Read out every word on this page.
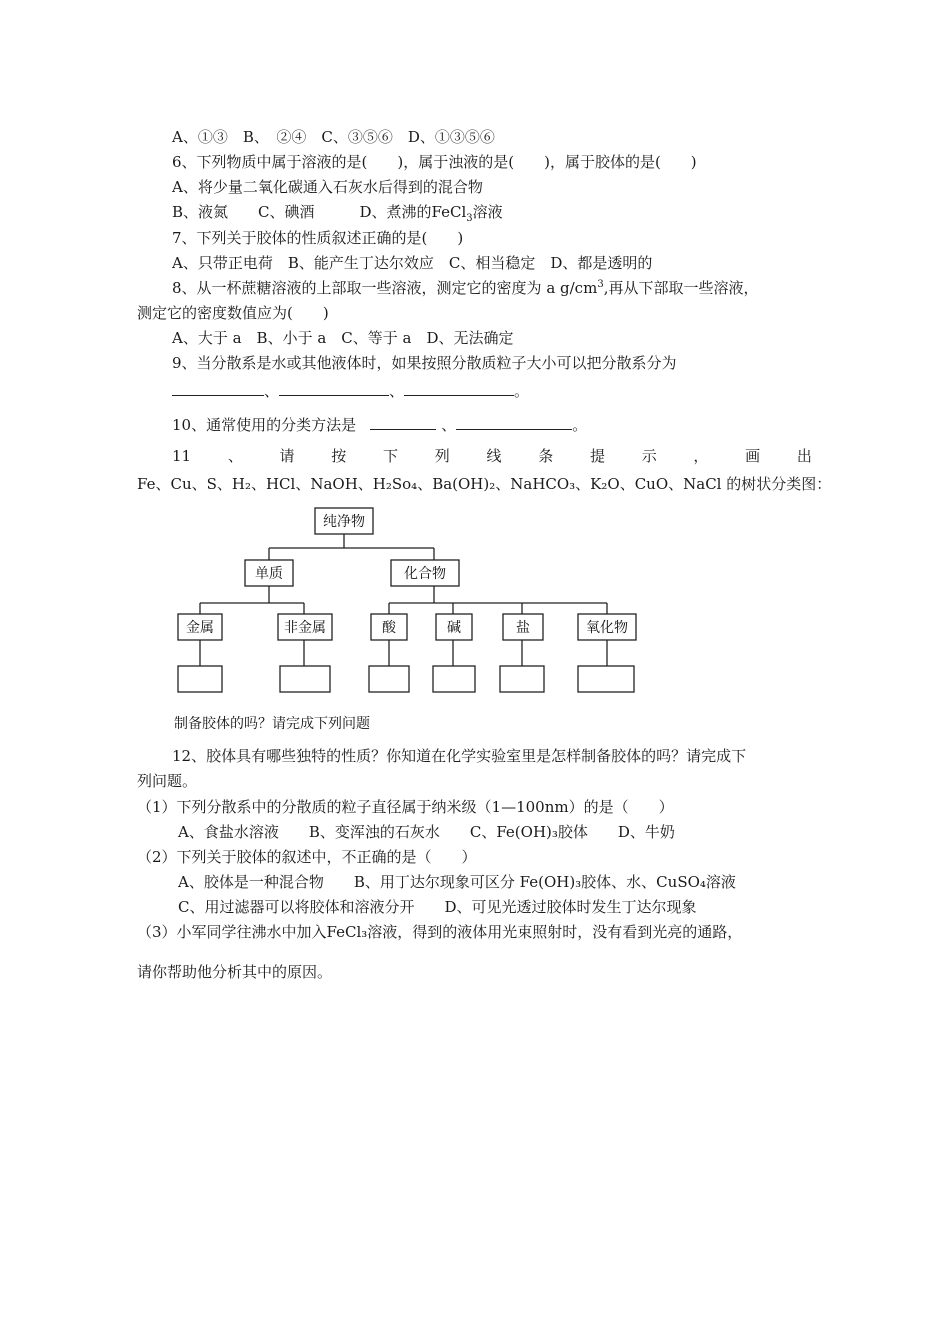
A、①③　B、　②④　C、③⑤⑥　D、①③⑤⑥
6、下列物质中属于溶液的是(　　)，属于浊液的是(　　)，属于胶体的是(　　)
A、将少量二氧化碳通入石灰水后得到的混合物
B、液氮　　C、碘酒　　　D、煮沸的FeCl$_3$溶液
7、下列关于胶体的性质叙述正确的是(　　)
A、只带正电荷　B、能产生丁达尔效应　C、相当稳定　D、都是透明的
8、从一杯蔗糖溶液的上部取一些溶液，测定它的密度为 a $g/cm^3$,再从下部取一些溶液，
测定它的密度数值应为(　　)
A、大于 a　B、小于 a　C、等于 a　D、无法确定
9、当分散系是水或其他液体时，如果按照分散质粒子大小可以把分散系分为
、	、	。
10、通常使用的分类方法是	、	。
11 、 请 按 下 列 线 条 提 示 ， 画 出
Fe、Cu、S、H₂、HCl、NaOH、H₂So₄、Ba(OH)₂、NaHCO₃、K₂O、CuO、NaCl 的树状分类图：
纯净物
单质	化合物
金属	非金属	酸	碱	盐	氧化物
制备胶体的吗？请完成下列问题
12、胶体具有哪些独特的性质？你知道在化学实验室里是怎样制备胶体的吗？请完成下
列问题。
（1）下列分散系中的分散质的粒子直径属于纳米级（1—100nm）的是（　　）
A、食盐水溶液　　B、变浑浊的石灰水　　C、Fe(OH)₃胶体　　D、牛奶
（2）下列关于胶体的叙述中，不正确的是（　　）
A、胶体是一种混合物　　B、用丁达尔现象可区分 Fe(OH)₃胶体、水、CuSO₄溶液
C、用过滤器可以将胶体和溶液分开　　D、可见光透过胶体时发生丁达尔现象
（3）小军同学往沸水中加入FeCl₃溶液，得到的液体用光束照射时，没有看到光亮的通路，
请你帮助他分析其中的原因。
